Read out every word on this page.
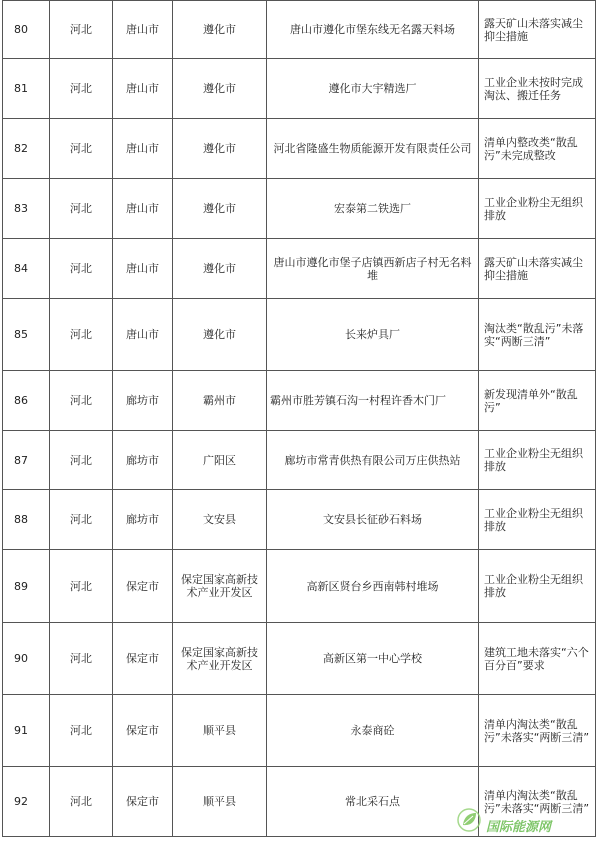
80	河北	唐山市	遵化市	唐山市遵化市堡东线无名露天料场	露天矿山未落实减尘抑尘措施
81	河北	唐山市	遵化市	遵化市大宇精选厂	工业企业未按时完成淘汰、搬迁任务
82	河北	唐山市	遵化市	河北省隆盛生物质能源开发有限责任公司	清单内整改类“散乱污”未完成整改
83	河北	唐山市	遵化市	宏泰第二铁选厂	工业企业粉尘无组织排放
84	河北	唐山市	遵化市	唐山市遵化市堡子店镇西新店子村无名料堆	露天矿山未落实减尘抑尘措施
85	河北	唐山市	遵化市	长来炉具厂	淘汰类“散乱污”未落实“两断三清”
86	河北	廊坊市	霸州市	霸州市胜芳镇石沟一村程许香木门厂	新发现清单外“散乱污”
87	河北	廊坊市	广阳区	廊坊市常青供热有限公司万庄供热站	工业企业粉尘无组织排放
88	河北	廊坊市	文安县	文安县长征砂石料场	工业企业粉尘无组织排放
89	河北	保定市	保定国家高新技术产业开发区	高新区贤台乡西南韩村堆场	工业企业粉尘无组织排放
90	河北	保定市	保定国家高新技术产业开发区	高新区第一中心学校	建筑工地未落实“六个百分百”要求
91	河北	保定市	顺平县	永泰商砼	清单内淘汰类“散乱污”未落实“两断三清”
92	河北	保定市	顺平县	常北采石点	清单内淘汰类“散乱污”未落实“两断三清”
国际能源网
